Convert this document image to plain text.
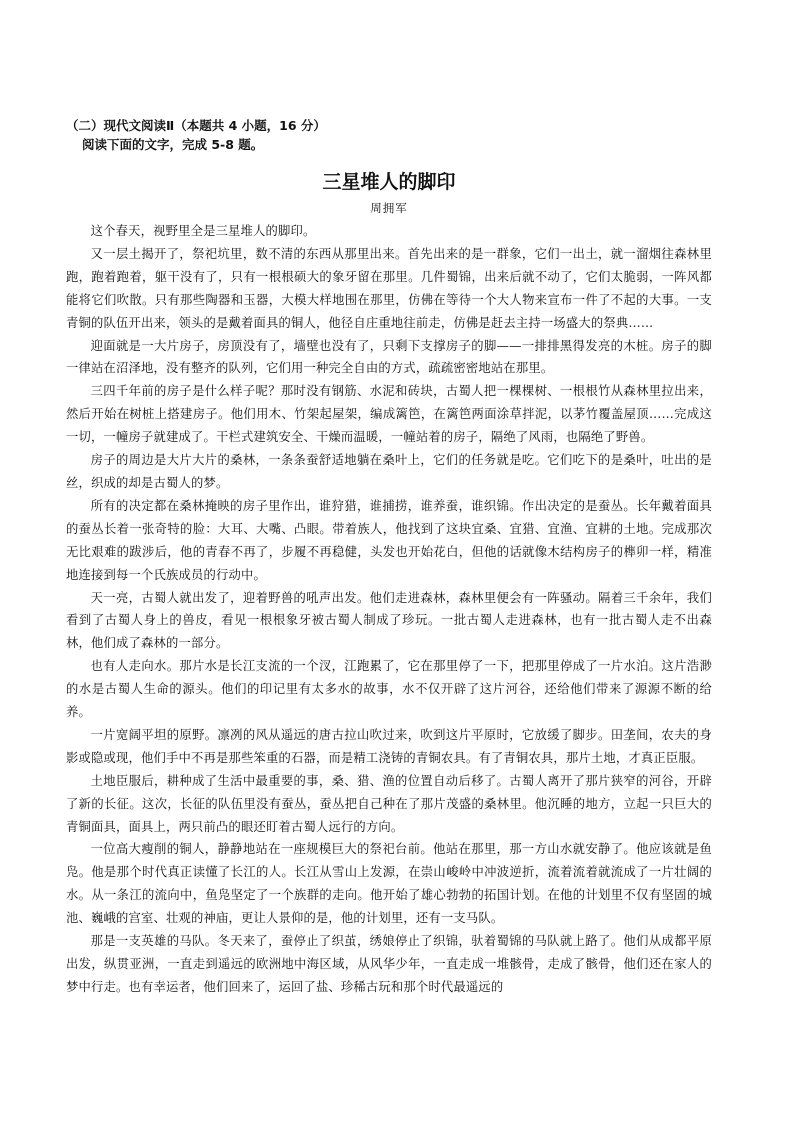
（二）现代文阅读Ⅱ（本题共 4 小题，16 分）
阅读下面的文字，完成 5-8 题。
三星堆人的脚印
周拥军

这个春天，视野里全是三星堆人的脚印。

又一层土揭开了，祭祀坑里，数不清的东西从那里出来。首先出来的是一群象，它们一出土，就一溜烟往森林里跑，跑着跑着，躯干没有了，只有一根根硕大的象牙留在那里。几件蜀锦，出来后就不动了，它们太脆弱，一阵风都能将它们吹散。只有那些陶器和玉器，大模大样地围在那里，仿佛在等待一个大人物来宣布一件了不起的大事。一支青铜的队伍开出来，领头的是戴着面具的铜人，他径自庄重地往前走，仿佛是赶去主持一场盛大的祭典……

迎面就是一大片房子，房顶没有了，墙壁也没有了，只剩下支撑房子的脚——一排排黑得发亮的木桩。房子的脚一律站在沼泽地，没有整齐的队列，它们用一种完全自由的方式，疏疏密密地站在那里。

三四千年前的房子是什么样子呢？那时没有钢筋、水泥和砖块，古蜀人把一棵棵树、一根根竹从森林里拉出来，然后开始在树桩上搭建房子。他们用木、竹架起屋架，编成篱笆，在篱笆两面涂草拌泥，以茅竹覆盖屋顶……完成这一切，一幢房子就建成了。干栏式建筑安全、干燥而温暖，一幢站着的房子，隔绝了风雨，也隔绝了野兽。

房子的周边是大片大片的桑林，一条条蚕舒适地躺在桑叶上，它们的任务就是吃。它们吃下的是桑叶，吐出的是丝，织成的却是古蜀人的梦。

所有的决定都在桑林掩映的房子里作出，谁狩猎，谁捕捞，谁养蚕，谁织锦。作出决定的是蚕丛。长年戴着面具的蚕丛长着一张奇特的脸：大耳、大嘴、凸眼。带着族人，他找到了这块宜桑、宜猎、宜渔、宜耕的土地。完成那次无比艰难的跋涉后，他的青春不再了，步履不再稳健，头发也开始花白，但他的话就像木结构房子的榫卯一样，精准地连接到每一个氏族成员的行动中。

天一亮，古蜀人就出发了，迎着野兽的吼声出发。他们走进森林，森林里便会有一阵骚动。隔着三千余年，我们看到了古蜀人身上的兽皮，看见一根根象牙被古蜀人制成了珍玩。一批古蜀人走进森林，也有一批古蜀人走不出森林，他们成了森林的一部分。

也有人走向水。那片水是长江支流的一个汊，江跑累了，它在那里停了一下，把那里停成了一片水泊。这片浩渺的水是古蜀人生命的源头。他们的印记里有太多水的故事，水不仅开辟了这片河谷，还给他们带来了源源不断的给养。

一片宽阔平坦的原野。凛冽的风从遥远的唐古拉山吹过来，吹到这片平原时，它放缓了脚步。田垄间，农夫的身影或隐或现，他们手中不再是那些笨重的石器，而是精工浇铸的青铜农具。有了青铜农具，那片土地，才真正臣服。

土地臣服后，耕种成了生活中最重要的事，桑、猎、渔的位置自动后移了。古蜀人离开了那片狭窄的河谷，开辟了新的长征。这次，长征的队伍里没有蚕丛，蚕丛把自己种在了那片茂盛的桑林里。他沉睡的地方，立起一只巨大的青铜面具，面具上，两只前凸的眼还盯着古蜀人远行的方向。

一位高大瘦削的铜人，静静地站在一座规模巨大的祭祀台前。他站在那里，那一方山水就安静了。他应该就是鱼凫。他是那个时代真正读懂了长江的人。长江从雪山上发源，在崇山峻岭中冲波逆折，流着流着就流成了一片壮阔的水。从一条江的流向中，鱼凫坚定了一个族群的走向。他开始了雄心勃勃的拓国计划。在他的计划里不仅有坚固的城池、巍峨的宫室、壮观的神庙，更让人景仰的是，他的计划里，还有一支马队。

那是一支英雄的马队。冬天来了，蚕停止了织茧，绣娘停止了织锦，驮着蜀锦的马队就上路了。他们从成都平原出发，纵贯亚洲，一直走到遥远的欧洲地中海区域，从风华少年，一直走成一堆骸骨，走成了骸骨，他们还在家人的梦中行走。也有幸运者，他们回来了，运回了盐、珍稀古玩和那个时代最遥远的
